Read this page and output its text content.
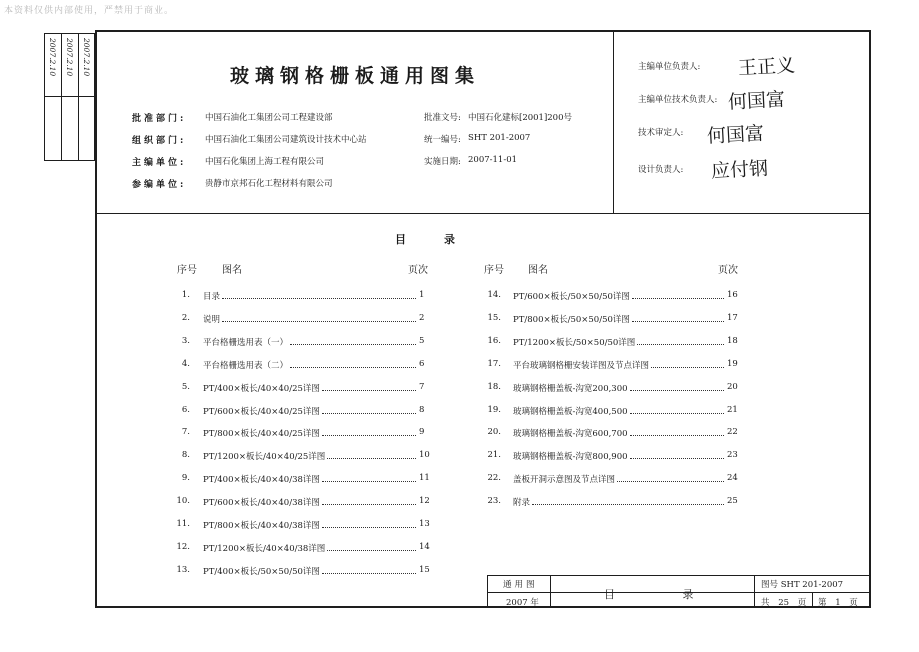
本资料仅供内部使用，严禁用于商业。
2007.2.10 2007.2.10 2007.2.10	玻璃钢格栅板通用图集
批准部门: 中国石油化工集团公司工程建设部
组织部门: 中国石油化工集团公司建筑设计技术中心站
主编单位: 中国石化集团上海工程有限公司
参编单位: 贵静市京邦石化工程材料有限公司
批准文号: 中国石化建标[2001]200号
统一编号: SHT 201-2007
实施日期: 2007-11-01
主编单位负责人: 王正义
主编单位技术负责人: 何国富
技术审定人: 何国富
设计负责人: 应付钢
目录
序号	图名	页次	序号 图名	页次
1. 目录	1
2. 说明	2
3. 平台格栅选用表（一）	5
4. 平台格栅选用表（二）	6
5. PT/400×板长/40×40/25详图	7
6. PT/600×板长/40×40/25详图	8
7. PT/800×板长/40×40/25详图	9
8. PT/1200×板长/40×40/25详图	10
9. PT/400×板长/40×40/38详图	11
10. PT/600×板长/40×40/38详图	12
11. PT/800×板长/40×40/38详图	13
12. PT/1200×板长/40×40/38详图	14
13. PT/400×板长/50×50/50详图	15
14. PT/600×板长/50×50/50详图	16
15. PT/800×板长/50×50/50详图	17
16. PT/1200×板长/50×50/50详图	18
17. 平台玻璃钢格栅安装详图及节点详图	19
18. 玻璃钢格栅盖板-沟宽200,300	20
19. 玻璃钢格栅盖板-沟宽400,500	21
20. 玻璃钢格栅盖板-沟宽600,700	22
21. 玻璃钢格栅盖板-沟宽800,900	23
22. 盖板开洞示意图及节点详图	24
23. 附录	25
通用图
2007 年
目 录
图号 SHT 201-2007
共 25 页 第 1 页
